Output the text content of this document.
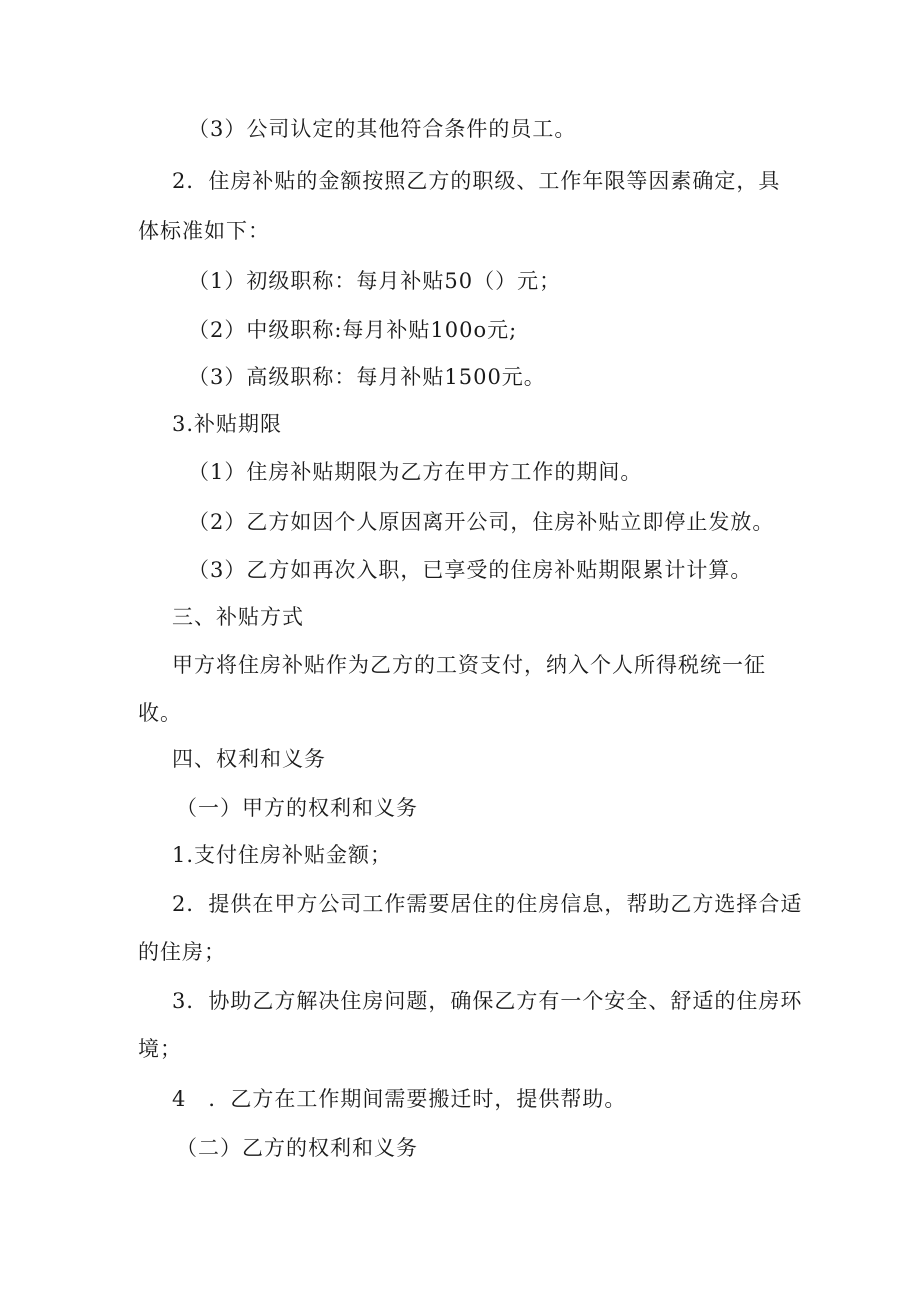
（3）公司认定的其他符合条件的员工。
2．住房补贴的金额按照乙方的职级、工作年限等因素确定，具
体标准如下：
（1）初级职称：每月补贴50（）元；
（2）中级职称:每月补贴100o元;
（3）高级职称：每月补贴1500元。
3.补贴期限
（1）住房补贴期限为乙方在甲方工作的期间。
（2）乙方如因个人原因离开公司，住房补贴立即停止发放。
（3）乙方如再次入职，已享受的住房补贴期限累计计算。
三、补贴方式
甲方将住房补贴作为乙方的工资支付，纳入个人所得税统一征
收。
四、权利和义务
（一）甲方的权利和义务
1.支付住房补贴金额；
2．提供在甲方公司工作需要居住的住房信息，帮助乙方选择合适
的住房；
3．协助乙方解决住房问题，确保乙方有一个安全、舒适的住房环
境；
4　．乙方在工作期间需要搬迁时，提供帮助。
（二）乙方的权利和义务
